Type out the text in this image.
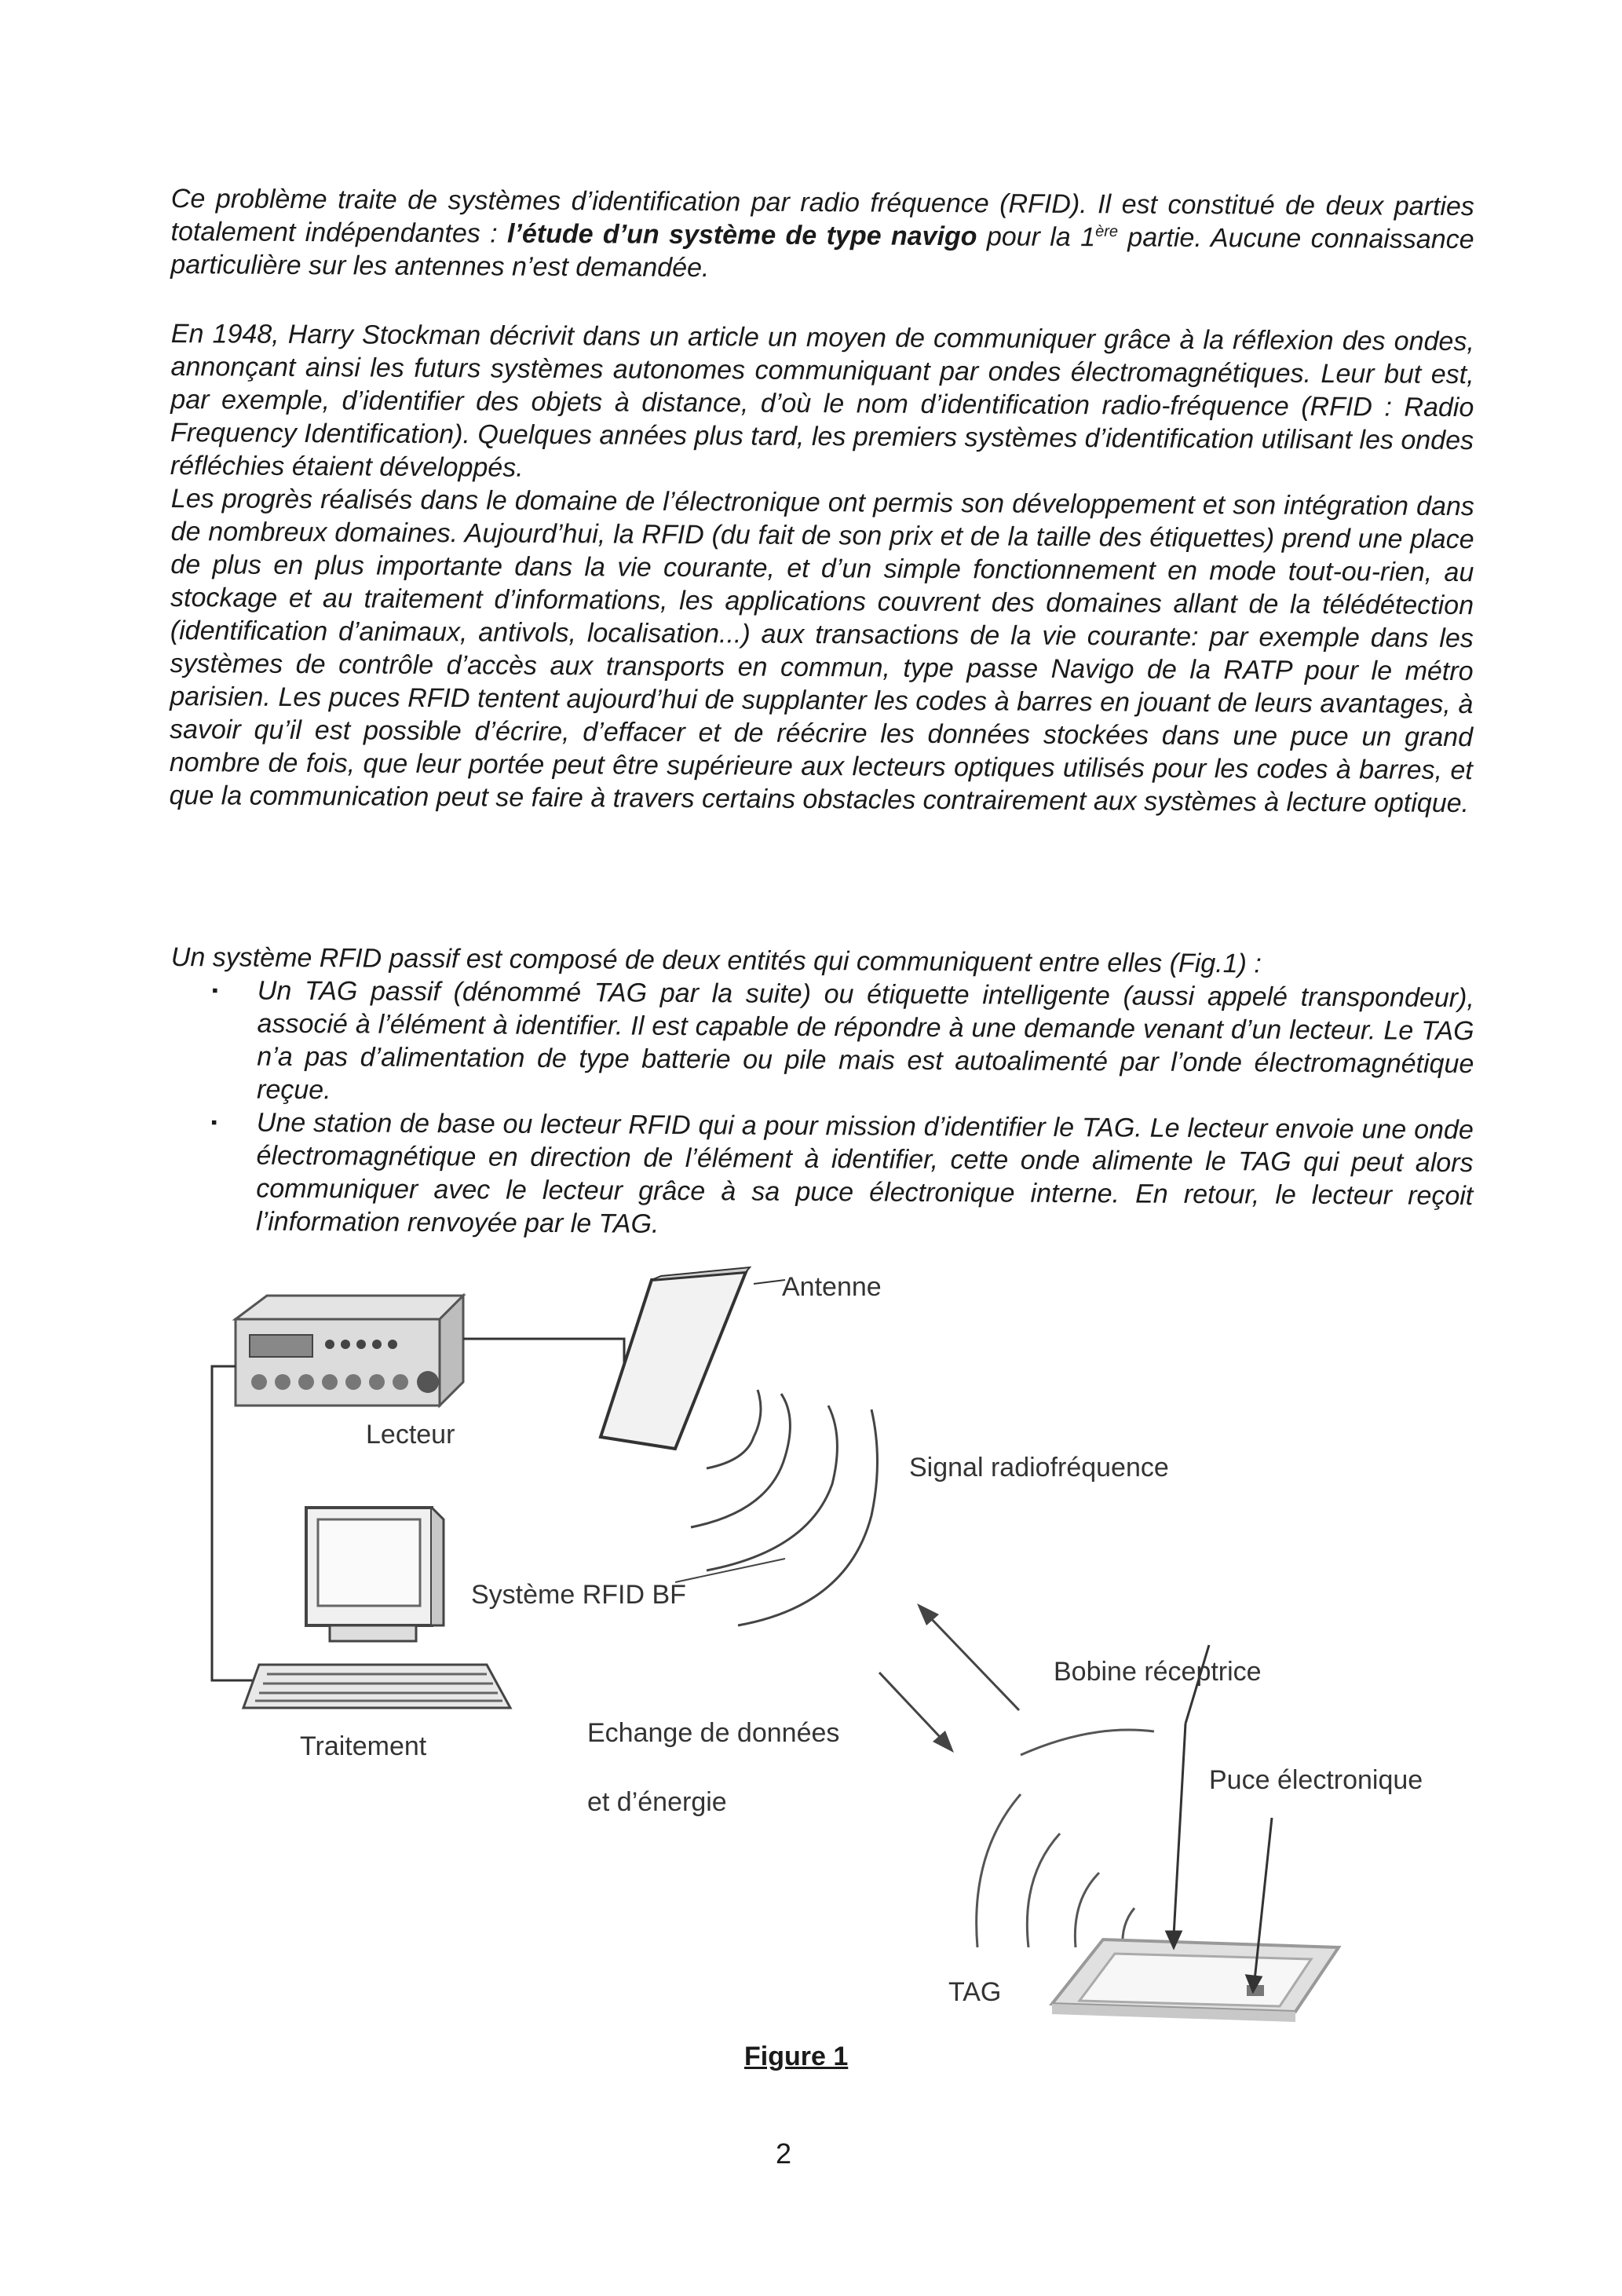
Ce problème traite de systèmes d’identification par radio fréquence (RFID). Il est constitué de deux parties totalement indépendantes : l’étude d’un système de type navigo pour la 1ère partie. Aucune connaissance particulière sur les antennes n’est demandée.

En 1948, Harry Stockman décrivit dans un article un moyen de communiquer grâce à la réflexion des ondes, annonçant ainsi les futurs systèmes autonomes communiquant par ondes électromagnétiques. Leur but est, par exemple, d’identifier des objets à distance, d’où le nom d’identification radio-fréquence (RFID : Radio Frequency Identification). Quelques années plus tard, les premiers systèmes d’identification utilisant les ondes réfléchies étaient développés.

Les progrès réalisés dans le domaine de l’électronique ont permis son développement et son intégration dans de nombreux domaines. Aujourd’hui, la RFID (du fait de son prix et de la taille des étiquettes) prend une place de plus en plus importante dans la vie courante, et d’un simple fonctionnement en mode tout-ou-rien, au stockage et au traitement d’informations, les applications couvrent des domaines allant de la télédétection (identification d’animaux, antivols, localisation...) aux transactions de la vie courante: par exemple dans les systèmes de contrôle d’accès aux transports en commun, type passe Navigo de la RATP pour le métro parisien. Les puces RFID tentent aujourd’hui de supplanter les codes à barres en jouant de leurs avantages, à savoir qu’il est possible d’écrire, d’effacer et de réécrire les données stockées dans une puce un grand nombre de fois, que leur portée peut être supérieure aux lecteurs optiques utilisés pour les codes à barres, et que la communication peut se faire à travers certains obstacles contrairement aux systèmes à lecture optique.

Un système RFID passif est composé de deux entités qui communiquent entre elles (Fig.1) :

▪ Un TAG passif (dénommé TAG par la suite) ou étiquette intelligente (aussi appelé transpondeur), associé à l’élément à identifier. Il est capable de répondre à une demande venant d’un lecteur. Le TAG n’a pas d’alimentation de type batterie ou pile mais est autoalimenté par l’onde électromagnétique reçue.
▪ Une station de base ou lecteur RFID qui a pour mission d’identifier le TAG. Le lecteur envoie une onde électromagnétique en direction de l’élément à identifier, cette onde alimente le TAG qui peut alors communiquer avec le lecteur grâce à sa puce électronique interne. En retour, le lecteur reçoit l’information renvoyée par le TAG.
Antenne
Lecteur
Signal radiofréquence
Système RFID BF
Bobine réceptrice
Traitement	Echange de données
et d’énergie
Puce électronique
TAG
Figure 1
2
